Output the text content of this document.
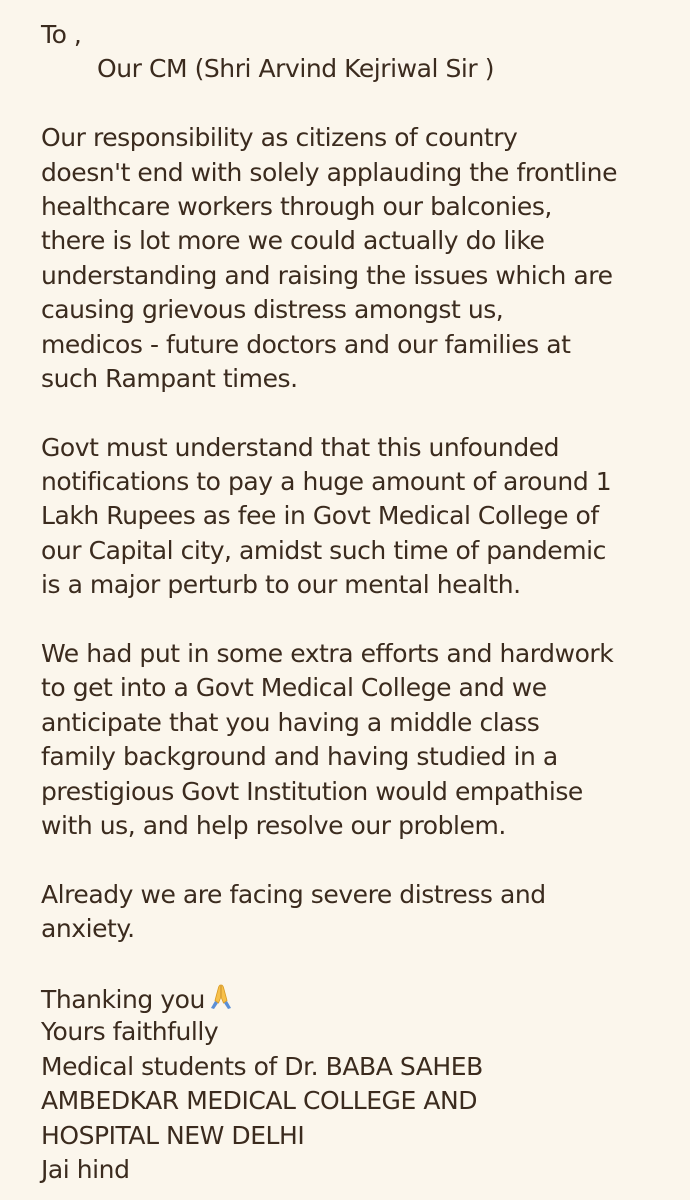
To ,
Our CM (Shri Arvind Kejriwal Sir )
Our responsibility as citizens of country
doesn't end with solely applauding the frontline
healthcare workers through our balconies,
there is lot more we could actually do like
understanding and raising the issues which are
causing grievous distress amongst us,
medicos - future doctors and our families at
such Rampant times.
Govt must understand that this unfounded
notifications to pay a huge amount of around 1
Lakh Rupees as fee in Govt Medical College of
our Capital city, amidst such time of pandemic
is a major perturb to our mental health.
We had put in some extra efforts and hardwork
to get into a Govt Medical College and we
anticipate that you having a middle class
family background and having studied in a
prestigious Govt Institution would empathise
with us, and help resolve our problem.
Already we are facing severe distress and
anxiety.
Thanking you
Yours faithfully
Medical students of Dr. BABA SAHEB
AMBEDKAR MEDICAL COLLEGE AND
HOSPITAL NEW DELHI
Jai hind
